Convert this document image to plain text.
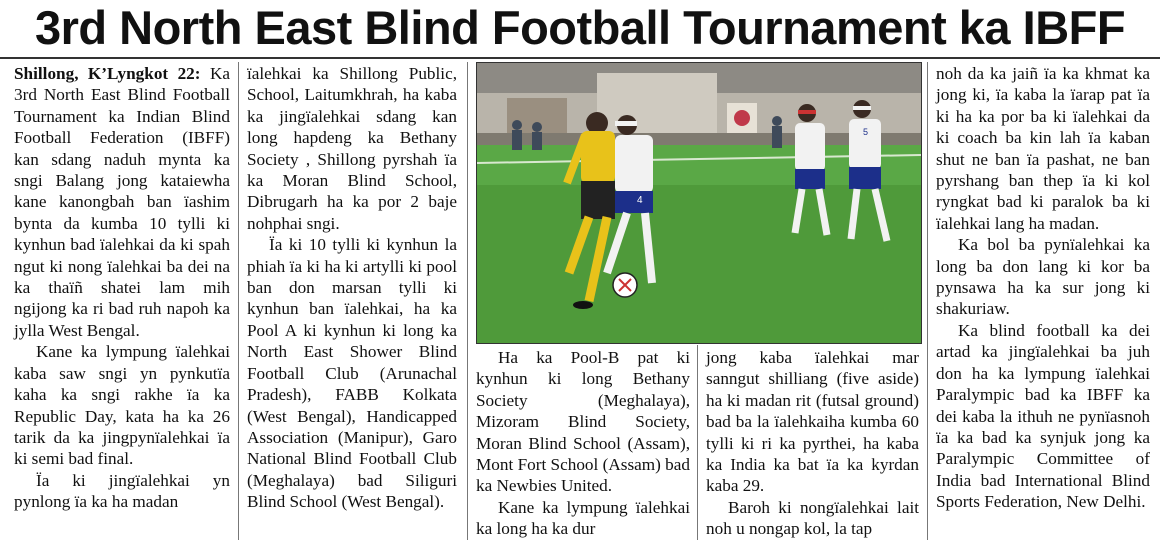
3rd North East Blind Football Tournament ka IBFF

Shillong, K’Lyngkot 22: Ka 3rd North East Blind Football Tournament ka Indian Blind Football Federation (IBFF) kan sdang naduh mynta ka sngi Balang jong kataiewha kane kanongbah ban ïashim bynta da kumba 10 tylli ki kynhun bad ïalehkai da ki spah ngut ki nong ïalehkai ba dei na ka thaïñ shatei lam mih ngijong ka ri bad ruh napoh ka jylla West Bengal.

Kane ka lympung ïalehkai kaba saw sngi yn pynkutïa kaha ka sngi rakhe ïa ka Republic Day, kata ha ka 26 tarik da ka jingpynïalehkai ïa ki semi bad final.

Ïa ki jingïalehkai yn pynlong ïa ka ha madan

ïalehkai ka Shillong Public, School, Laitumkhrah, ha kaba ka jingïalehkai sdang kan long hapdeng ka Bethany Society , Shillong pyrshah ïa ka Moran Blind School, Dibrugarh ha ka por 2 baje nohphai sngi.

Ïa ki 10 tylli ki kynhun la phiah ïa ki ha ki artylli ki pool ban don marsan tylli ki kynhun ban ïalehkai, ha ka Pool A ki kynhun ki long ka North East Shower Blind Football Club (Arunachal Pradesh), FABB Kolkata (West Bengal), Handicapped Association (Manipur), Garo National Blind Football Club (Meghalaya) bad Siliguri Blind School (West Bengal).

4
5

Ha ka Pool-B pat ki kynhun ki long Bethany Society (Meghalaya), Mizoram Blind Society, Moran Blind School (Assam), Mont Fort School (Assam) bad ka Newbies United.

Kane ka lympung ïalehkai ka long ha ka dur

jong kaba ïalehkai mar sanngut shilliang (five aside) ha ki madan rit (futsal ground) bad ba la ïalehkaiha kumba 60 tylli ki ri ka pyrthei, ha kaba ka India ka bat ïa ka kyrdan kaba 29.

Baroh ki nongïalehkai lait noh u nongap kol, la tap

noh da ka jaiñ ïa ka khmat ka jong ki, ïa kaba la ïarap pat ïa ki ha ka por ba ki ïalehkai da ki coach ba kin lah ïa kaban shut ne ban ïa pashat, ne ban pyrshang ban thep ïa ki kol ryngkat bad ki paralok ba ki ïalehkai lang ha madan.

Ka bol ba pynïalehkai ka long ba don lang ki kor ba pynsawa ha ka sur jong ki shakuriaw.

Ka blind football ka dei artad ka jingïalehkai ba juh don ha ka lympung ïalehkai Paralympic bad ka IBFF ka dei kaba la ithuh ne pynïasnoh ïa ka bad ka synjuk jong ka Paralympic Committee of India bad International Blind Sports Federation, New Delhi.
